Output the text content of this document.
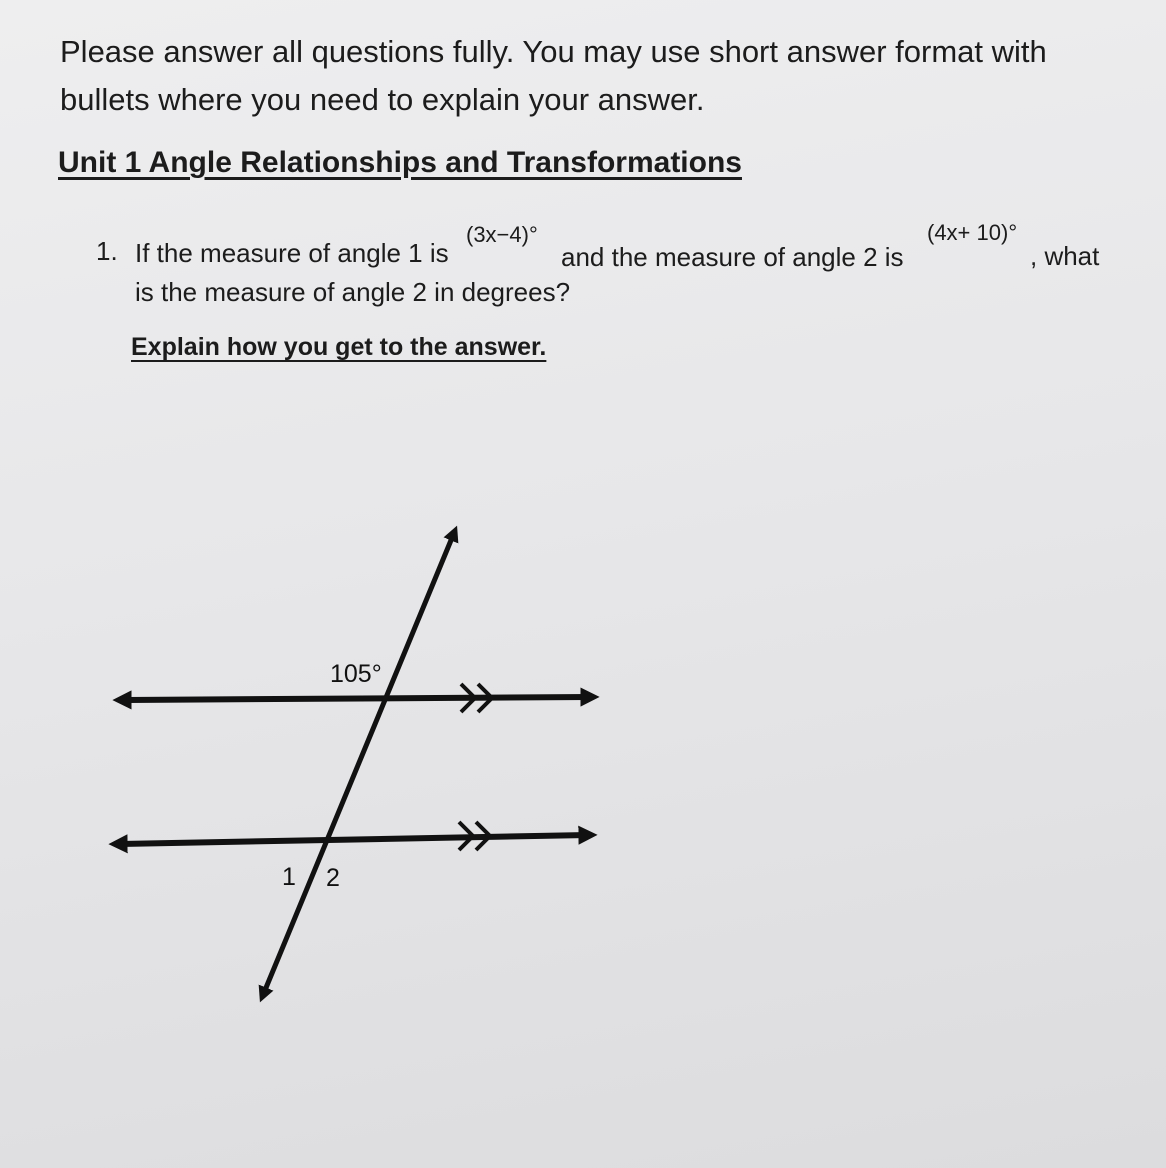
Please answer all questions fully. You may use short answer format with bullets where you need to explain your answer.
Unit 1 Angle Relationships and Transformations
1. If the measure of angle 1 is
(3x−4)°
and the measure of angle 2 is
(4x+ 10)°
, what
is the measure of angle 2 in degrees?
Explain how you get to the answer.
105°
1 2
